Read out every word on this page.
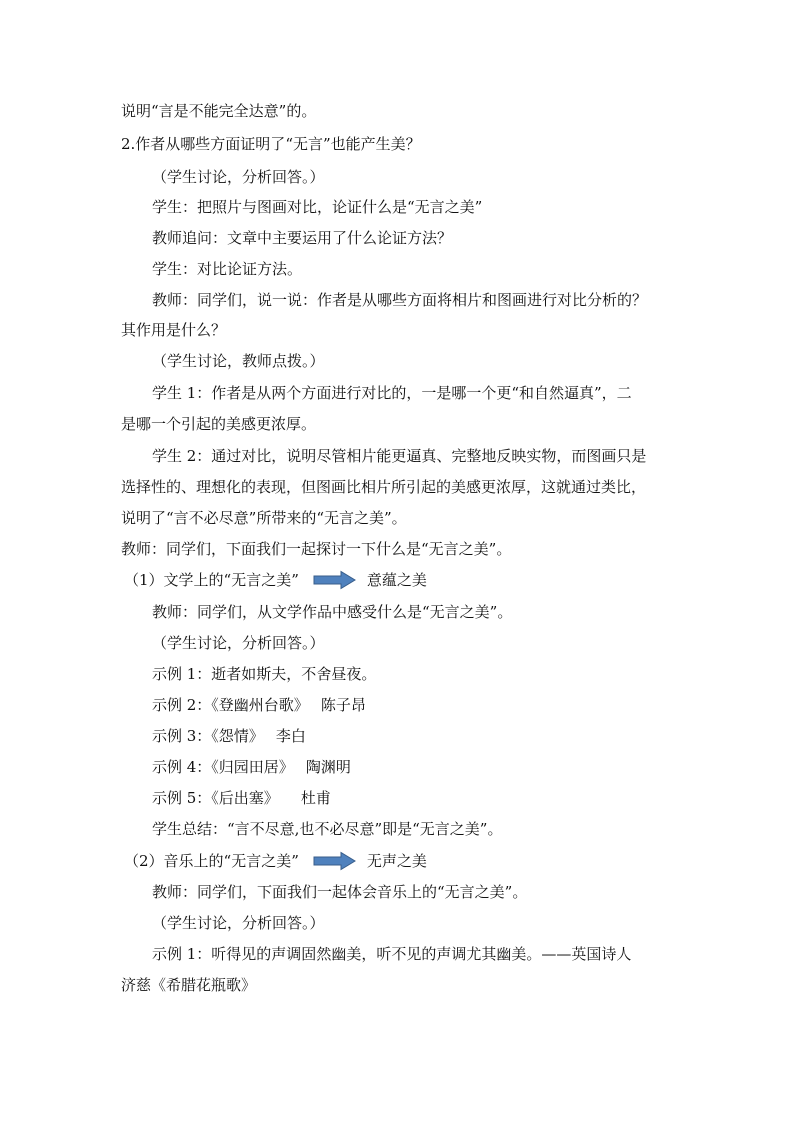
说明“言是不能完全达意”的。
2.作者从哪些方面证明了“无言”也能产生美？
（学生讨论，分析回答。）
学生：把照片与图画对比，论证什么是“无言之美”
教师追问：文章中主要运用了什么论证方法？
学生：对比论证方法。
教师：同学们，说一说：作者是从哪些方面将相片和图画进行对比分析的？
其作用是什么？
（学生讨论，教师点拨。）
学生 1：作者是从两个方面进行对比的，一是哪一个更“和自然逼真”，二
是哪一个引起的美感更浓厚。
学生 2：通过对比，说明尽管相片能更逼真、完整地反映实物，而图画只是
选择性的、理想化的表现，但图画比相片所引起的美感更浓厚，这就通过类比，
说明了“言不必尽意”所带来的“无言之美”。
教师：同学们，下面我们一起探讨一下什么是“无言之美”。
（1）文学上的“无言之美”	意蕴之美
教师：同学们，从文学作品中感受什么是“无言之美”。
（学生讨论，分析回答。）
示例 1：逝者如斯夫，不舍昼夜。
示例 2：《登幽州台歌》 陈子昂
示例 3：《怨情》 李白
示例 4：《归园田居》 陶渊明
示例 5：《后出塞》 杜甫
学生总结：“言不尽意,也不必尽意”即是“无言之美”。
（2）音乐上的“无言之美”	无声之美
教师：同学们，下面我们一起体会音乐上的“无言之美”。
（学生讨论，分析回答。）
示例 1：听得见的声调固然幽美，听不见的声调尤其幽美。——英国诗人
济慈《希腊花瓶歌》
